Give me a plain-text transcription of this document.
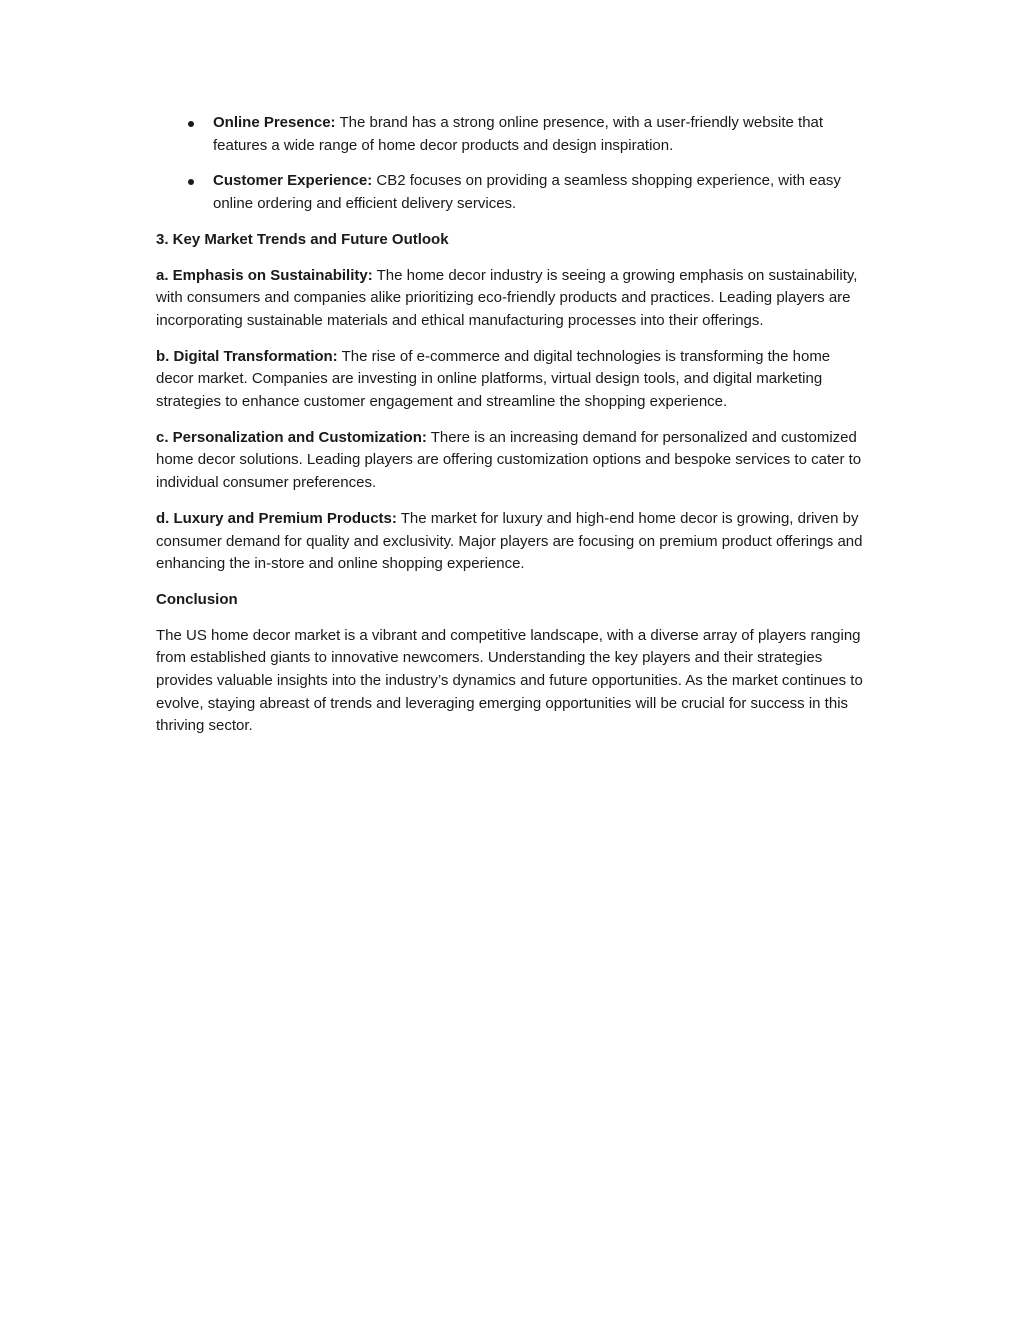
Online Presence: The brand has a strong online presence, with a user-friendly website that features a wide range of home decor products and design inspiration.
Customer Experience: CB2 focuses on providing a seamless shopping experience, with easy online ordering and efficient delivery services.

3. Key Market Trends and Future Outlook

a. Emphasis on Sustainability: The home decor industry is seeing a growing emphasis on sustainability, with consumers and companies alike prioritizing eco-friendly products and practices. Leading players are incorporating sustainable materials and ethical manufacturing processes into their offerings.

b. Digital Transformation: The rise of e-commerce and digital technologies is transforming the home decor market. Companies are investing in online platforms, virtual design tools, and digital marketing strategies to enhance customer engagement and streamline the shopping experience.

c. Personalization and Customization: There is an increasing demand for personalized and customized home decor solutions. Leading players are offering customization options and bespoke services to cater to individual consumer preferences.

d. Luxury and Premium Products: The market for luxury and high-end home decor is growing, driven by consumer demand for quality and exclusivity. Major players are focusing on premium product offerings and enhancing the in-store and online shopping experience.

Conclusion

The US home decor market is a vibrant and competitive landscape, with a diverse array of players ranging from established giants to innovative newcomers. Understanding the key players and their strategies provides valuable insights into the industry’s dynamics and future opportunities. As the market continues to evolve, staying abreast of trends and leveraging emerging opportunities will be crucial for success in this thriving sector.
